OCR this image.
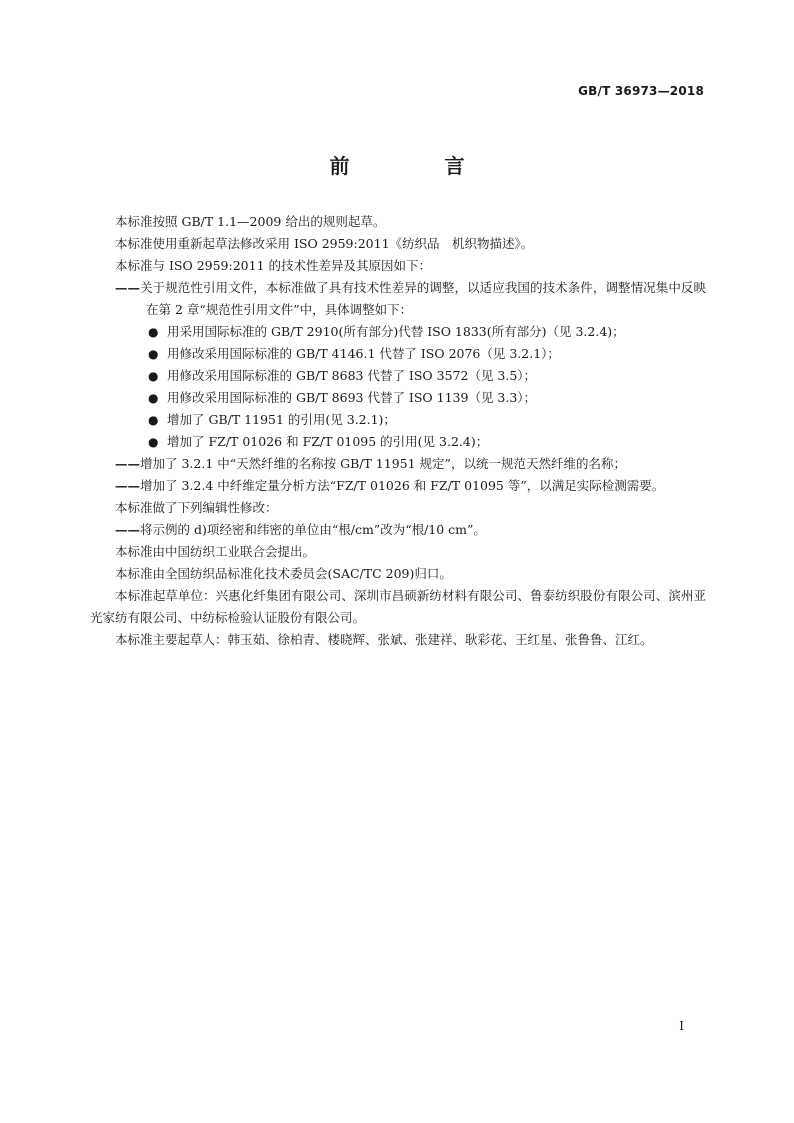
GB/T 36973—2018
前 言

本标准按照 GB/T 1.1—2009 给出的规则起草。

本标准使用重新起草法修改采用 ISO 2959:2011《纺织品　机织物描述》。

本标准与 ISO 2959:2011 的技术性差异及其原因如下：

——关于规范性引用文件，本标准做了具有技术性差异的调整，以适应我国的技术条件，调整情况集中反映在第 2 章“规范性引用文件”中，具体调整如下：

● 用采用国际标准的 GB/T 2910(所有部分)代替 ISO 1833(所有部分)（见 3.2.4)；
● 用修改采用国际标准的 GB/T 4146.1 代替了 ISO 2076（见 3.2.1）；
● 用修改采用国际标准的 GB/T 8683 代替了 ISO 3572（见 3.5）；
● 用修改采用国际标准的 GB/T 8693 代替了 ISO 1139（见 3.3）；
● 增加了 GB/T 11951 的引用(见 3.2.1)；
● 增加了 FZ/T 01026 和 FZ/T 01095 的引用(见 3.2.4)；

——增加了 3.2.1 中“天然纤维的名称按 GB/T 11951 规定”，以统一规范天然纤维的名称；

——增加了 3.2.4 中纤维定量分析方法“FZ/T 01026 和 FZ/T 01095 等”，以满足实际检测需要。

本标准做了下列编辑性修改：

——将示例的 d)项经密和纬密的单位由“根/cm”改为“根/10 cm”。

本标准由中国纺织工业联合会提出。

本标准由全国纺织品标准化技术委员会(SAC/TC 209)归口。

本标准起草单位：兴惠化纤集团有限公司、深圳市昌硕新纺材料有限公司、鲁泰纺织股份有限公司、滨州亚光家纺有限公司、中纺标检验认证股份有限公司。

本标准主要起草人：韩玉茹、徐柏青、楼晓辉、张斌、张建祥、耿彩花、王红星、张鲁鲁、江红。

I
